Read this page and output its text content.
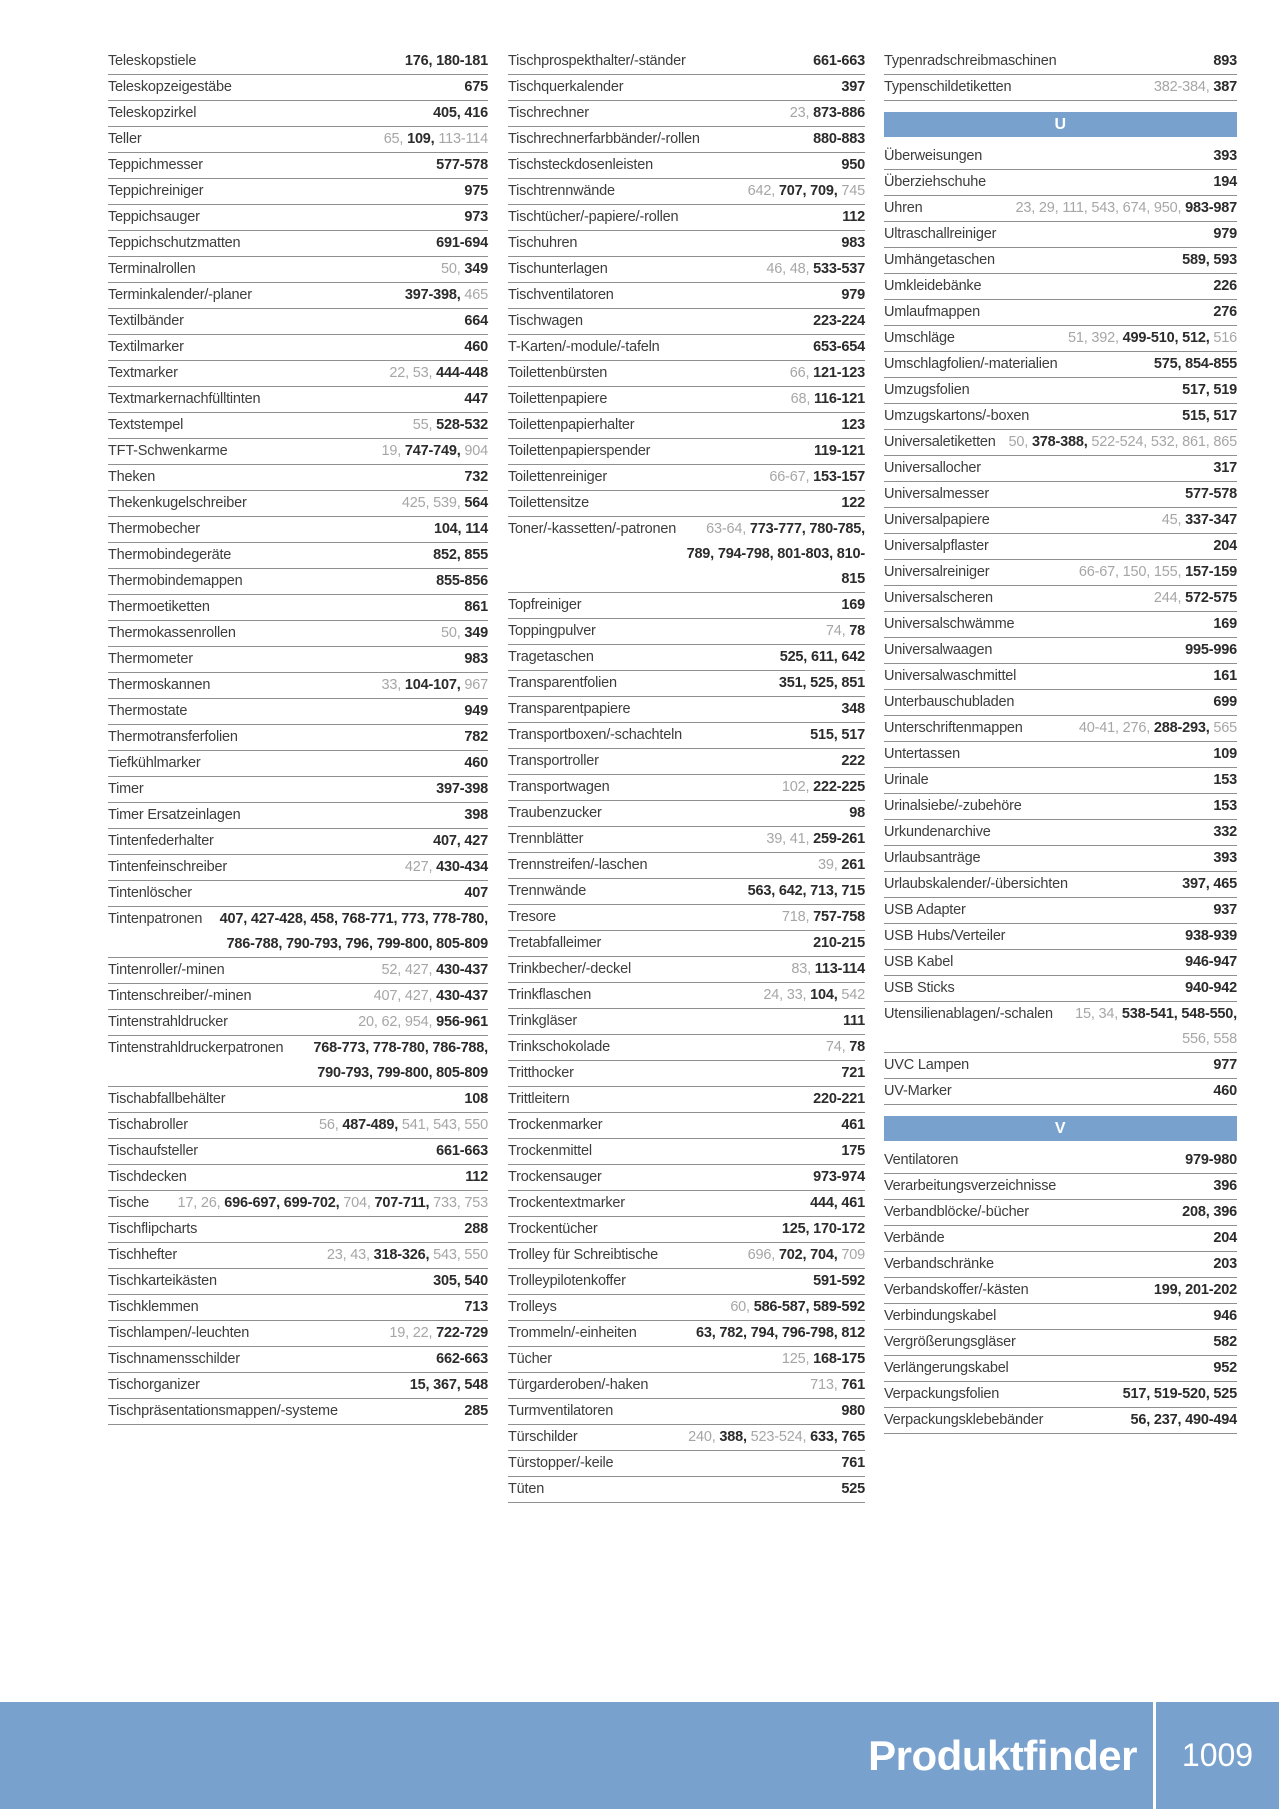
Teleskopstiele	176, 180-181
Teleskopzeigestäbe	675
Teleskopzirkel	405, 416
Teller	65, 109, 113-114
Teppichmesser	577-578
Teppichreiniger	975
Teppichsauger	973
Teppichschutzmatten	691-694
Terminalrollen	50, 349
Terminkalender/-planer	397-398, 465
Textilbänder	664
Textilmarker	460
Textmarker	22, 53, 444-448
Textmarkernachfülltinten	447
Textstempel	55, 528-532
TFT-Schwenkarme	19, 747-749, 904
Theken	732
Thekenkugelschreiber	425, 539, 564
Thermobecher	104, 114
Thermobindegeräte	852, 855
Thermobindemappen	855-856
Thermoetiketten	861
Thermokassenrollen	50, 349
Thermometer	983
Thermoskannen	33, 104-107, 967
Thermostate	949
Thermotransferfolien	782
Tiefkühlmarker	460
Timer	397-398
Timer Ersatzeinlagen	398
Tintenfederhalter	407, 427
Tintenfeinschreiber	427, 430-434
Tintenlöscher	407
Tintenpatronen	407, 427-428, 458, 768-771, 773, 778-780, 786-788, 790-793, 796, 799-800, 805-809
Tintenroller/-minen	52, 427, 430-437
Tintenschreiber/-minen	407, 427, 430-437
Tintenstrahldrucker	20, 62, 954, 956-961
Tintenstrahldruckerpatronen	768-773, 778-780, 786-788, 790-793, 799-800, 805-809
Tischabfallbehälter	108
Tischabroller	56, 487-489, 541, 543, 550
Tischaufsteller	661-663
Tischdecken	112
Tische	17, 26, 696-697, 699-702, 704, 707-711, 733, 753
Tischflipcharts	288
Tischhefter	23, 43, 318-326, 543, 550
Tischkarteikästen	305, 540
Tischklemmen	713
Tischlampen/-leuchten	19, 22, 722-729
Tischnamensschilder	662-663
Tischorganizer	15, 367, 548
Tischpräsentationsmappen/-systeme	285
Tischprospekthalter/-ständer	661-663
Tischquerkalender	397
Tischrechner	23, 873-886
Tischrechnerfarbbänder/-rollen	880-883
Tischsteckdosenleisten	950
Tischtrennwände	642, 707, 709, 745
Tischtücher/-papiere/-rollen	112
Tischuhren	983
Tischunterlagen	46, 48, 533-537
Tischventilatoren	979
Tischwagen	223-224
T-Karten/-module/-tafeln	653-654
Toilettenbürsten	66, 121-123
Toilettenpapiere	68, 116-121
Toilettenpapierhalter	123
Toilettenpapierspender	119-121
Toilettenreiniger	66-67, 153-157
Toilettensitze	122
Toner/-kassetten/-patronen	63-64, 773-777, 780-785, 789, 794-798, 801-803, 810-815
Topfreiniger	169
Toppingpulver	74, 78
Tragetaschen	525, 611, 642
Transparentfolien	351, 525, 851
Transparentpapiere	348
Transportboxen/-schachteln	515, 517
Transportroller	222
Transportwagen	102, 222-225
Traubenzucker	98
Trennblätter	39, 41, 259-261
Trennstreifen/-laschen	39, 261
Trennwände	563, 642, 713, 715
Tresore	718, 757-758
Tretabfalleimer	210-215
Trinkbecher/-deckel	83, 113-114
Trinkflaschen	24, 33, 104, 542
Trinkgläser	111
Trinkschokolade	74, 78
Tritthocker	721
Trittleitern	220-221
Trockenmarker	461
Trockenmittel	175
Trockensauger	973-974
Trockentextmarker	444, 461
Trockentücher	125, 170-172
Trolley für Schreibtische	696, 702, 704, 709
Trolleypilotenkoffer	591-592
Trolleys	60, 586-587, 589-592
Trommeln/-einheiten	63, 782, 794, 796-798, 812
Tücher	125, 168-175
Türgarderoben/-haken	713, 761
Turmventilatoren	980
Türschilder	240, 388, 523-524, 633, 765
Türstopper/-keile	761
Tüten	525
Typenradschreibmaschinen	893
Typenschildetiketten	382-384, 387
U
Überweisungen	393
Überziehschuhe	194
Uhren	23, 29, 111, 543, 674, 950, 983-987
Ultraschallreiniger	979
Umhängetaschen	589, 593
Umkleidebänke	226
Umlaufmappen	276
Umschläge	51, 392, 499-510, 512, 516
Umschlagfolien/-materialien	575, 854-855
Umzugsfolien	517, 519
Umzugskartons/-boxen	515, 517
Universaletiketten 50, 378-388, 522-524, 532, 861, 865
Universallocher	317
Universalmesser	577-578
Universalpapiere	45, 337-347
Universalpflaster	204
Universalreiniger	66-67, 150, 155, 157-159
Universalscheren	244, 572-575
Universalschwämme	169
Universalwaagen	995-996
Universalwaschmittel	161
Unterbauschubladen	699
Unterschriftenmappen	40-41, 276, 288-293, 565
Untertassen	109
Urinale	153
Urinalsiebe/-zubehöre	153
Urkundenarchive	332
Urlaubsanträge	393
Urlaubskalender/-übersichten	397, 465
USB Adapter	937
USB Hubs/Verteiler	938-939
USB Kabel	946-947
USB Sticks	940-942
Utensilienablagen/-schalen	15, 34, 538-541, 548-550, 556, 558
UVC Lampen	977
UV-Marker	460
V
Ventilatoren	979-980
Verarbeitungsverzeichnisse	396
Verbandblöcke/-bücher	208, 396
Verbände	204
Verbandschränke	203
Verbandskoffer/-kästen	199, 201-202
Verbindungskabel	946
Vergrößerungsgläser	582
Verlängerungskabel	952
Verpackungsfolien	517, 519-520, 525
Verpackungsklebebänder	56, 237, 490-494
Produktfinder	1009
